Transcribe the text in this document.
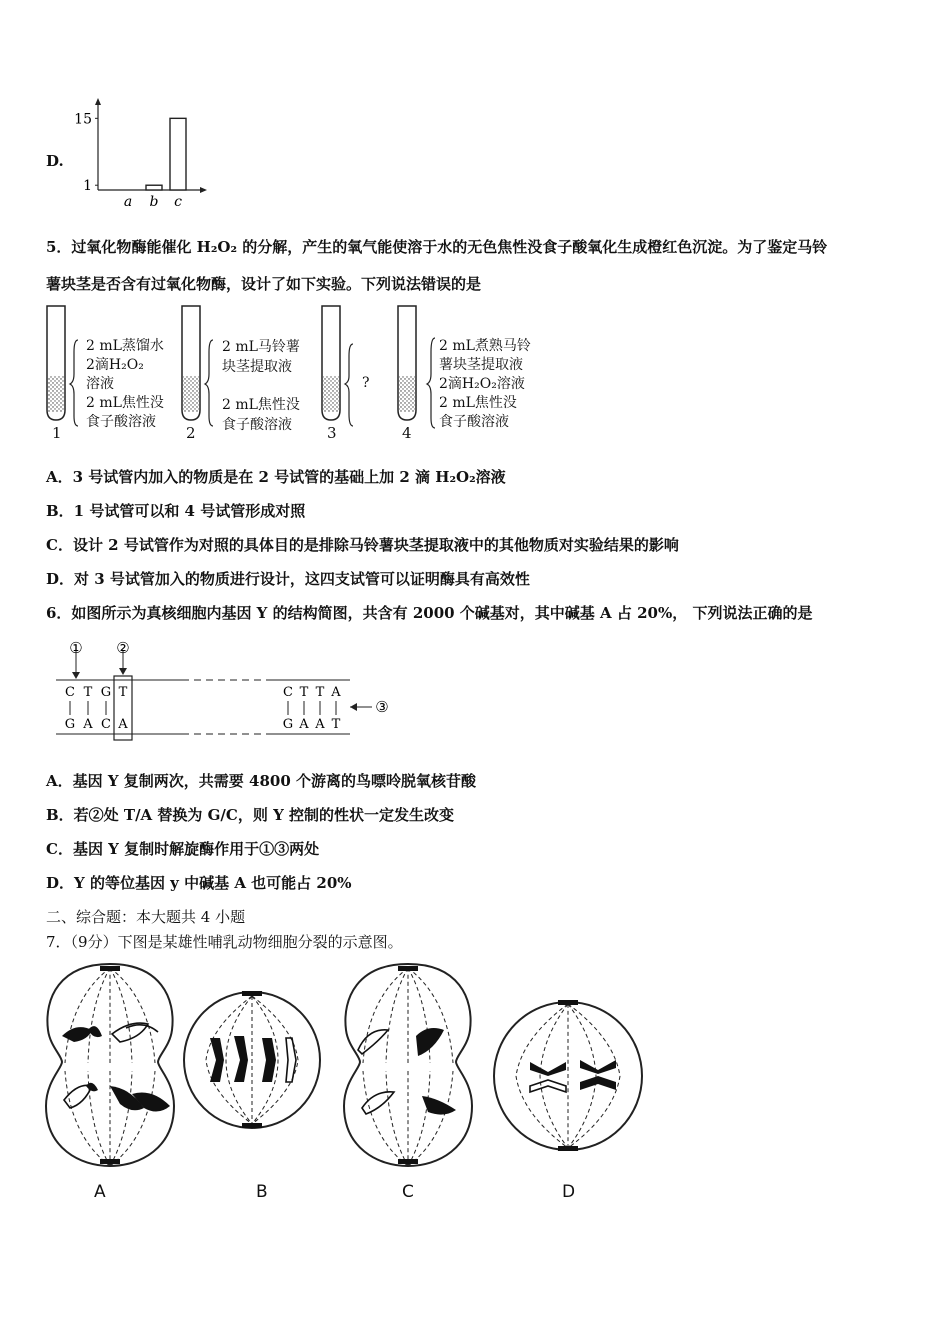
D.
15
1
a b c
5．过氧化物酶能催化 H₂O₂ 的分解，产生的氧气能使溶于水的无色焦性没食子酸氧化生成橙红色沉淀。为了鉴定马铃
薯块茎是否含有过氧化物酶，设计了如下实验。下列说法错误的是
2 mL蒸馏水
2滴H₂O₂
溶液
2 mL焦性没
食子酸溶液
2 mL马铃薯
块茎提取液
2 mL焦性没
食子酸溶液
?
2 mL煮熟马铃
薯块茎提取液
2滴H₂O₂溶液
2 mL焦性没
食子酸溶液
1	2	3	4
A．3 号试管内加入的物质是在 2 号试管的基础上加 2 滴 H₂O₂溶液
B．1 号试管可以和 4 号试管形成对照
C．设计 2 号试管作为对照的具体目的是排除马铃薯块茎提取液中的其他物质对实验结果的影响
D．对 3 号试管加入的物质进行设计，这四支试管可以证明酶具有高效性
6．如图所示为真核细胞内基因 Y 的结构简图，共含有 2000 个碱基对，其中碱基 A 占 20%， 下列说法正确的是
① ②
③
C T G T
G A C A
C T T A
G A A T
A．基因 Y 复制两次，共需要 4800 个游离的鸟嘌呤脱氧核苷酸
B．若②处 T/A 替换为 G/C，则 Y 控制的性状一定发生改变
C．基因 Y 复制时解旋酶作用于①③两处
D．Y 的等位基因 y 中碱基 A 也可能占 20%
二、综合题：本大题共 4 小题
7．（9分）下图是某雄性哺乳动物细胞分裂的示意图。
A	B	C	D
